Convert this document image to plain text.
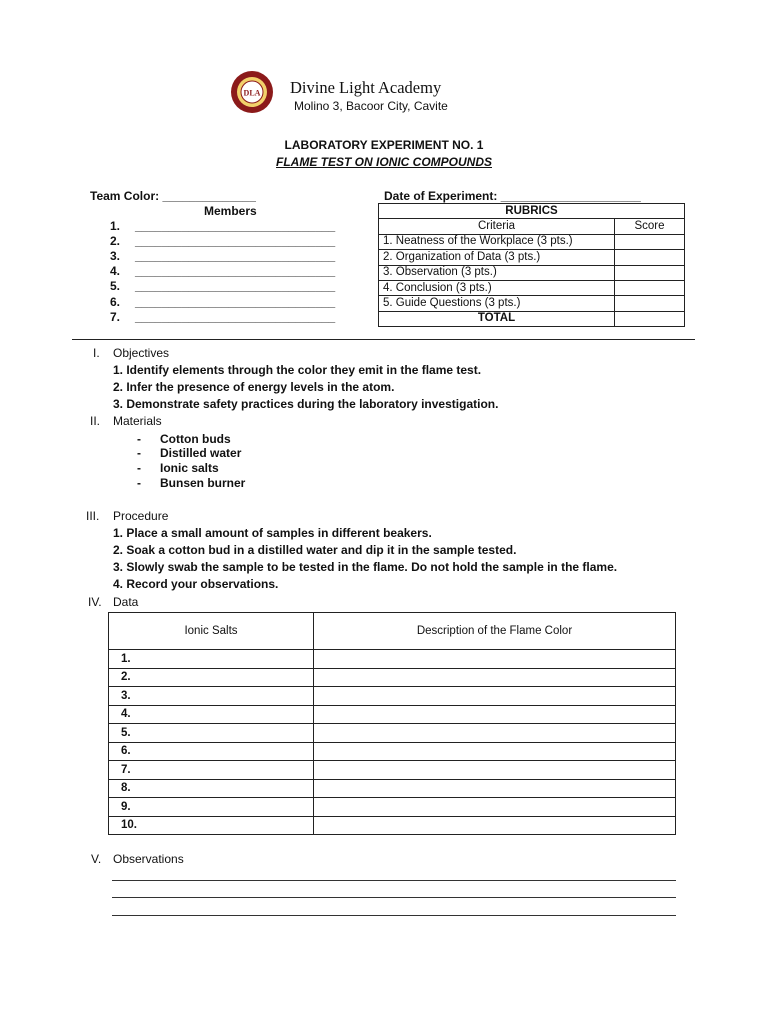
DLA Divine Light Academy
Molino 3, Bacoor City, Cavite
LABORATORY EXPERIMENT NO. 1
FLAME TEST ON IONIC COMPOUNDS
Team Color: ______________	Date of Experiment: _____________________
Members
1. ______________________________
2. ______________________________
3. ______________________________
4. ______________________________
5. ______________________________
6. ______________________________
7. ______________________________
RUBRICS	
Criteria	Score
1. Neatness of the Workplace (3 pts.)	
2. Organization of Data (3 pts.)	
3. Observation (3 pts.)	
4. Conclusion (3 pts.)	
5. Guide Questions (3 pts.)	
TOTAL	
I. Objectives
1. Identify elements through the color they emit in the flame test.
2. Infer the presence of energy levels in the atom.
3. Demonstrate safety practices during the laboratory investigation.
II. Materials
- Cotton buds
- Distilled water
- Ionic salts
- Bunsen burner
III. Procedure
1. Place a small amount of samples in different beakers.
2. Soak a cotton bud in a distilled water and dip it in the sample tested.
3. Slowly swab the sample to be tested in the flame. Do not hold the sample in the flame.
4. Record your observations.
IV. Data
Ionic Salts	Description of the Flame Color
1.	
2.	
3.	
4.	
5.	
6.	
7.	
8.	
9.	
10.	
V. Observations
